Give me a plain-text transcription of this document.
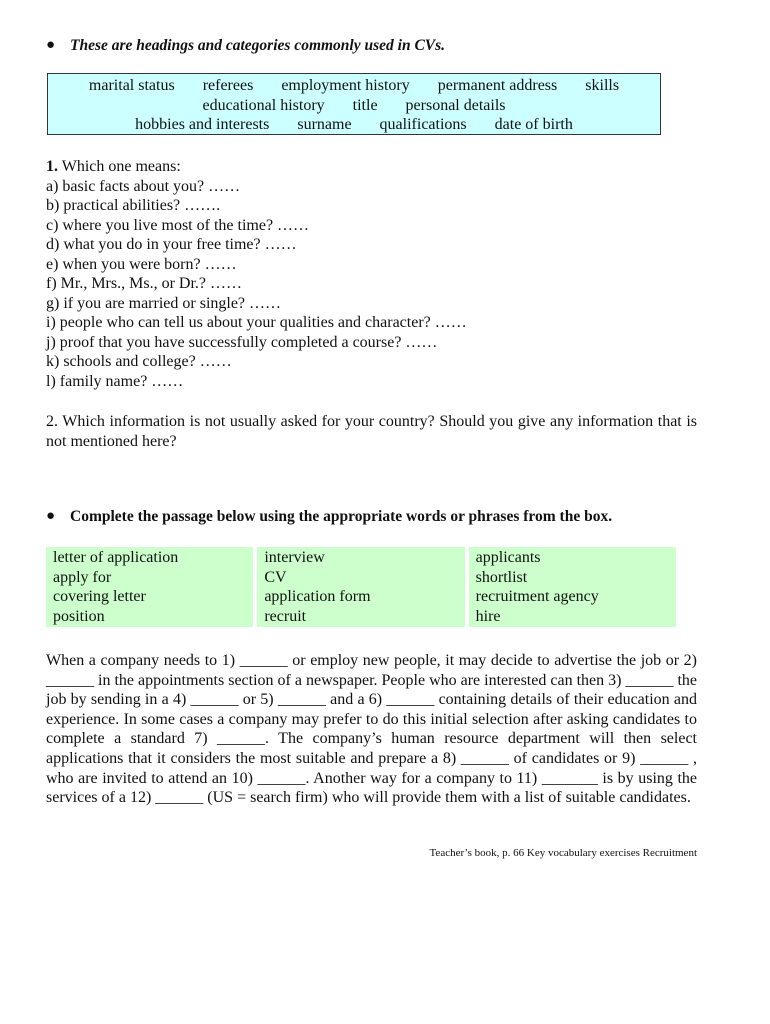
● These are headings and categories commonly used in CVs.
marital status referees employment history permanent address skills
educational history title personal details
hobbies and interests surname qualifications date of birth
1. Which one means:
a) basic facts about you? ……
b) practical abilities? …….
c) where you live most of the time? ……
d) what you do in your free time? ……
e) when you were born? ……
f) Mr., Mrs., Ms., or Dr.? ……
g) if you are married or single? ……
i) people who can tell us about your qualities and character? ……
j) proof that you have successfully completed a course? ……
k) schools and college? ……
l) family name? ……
2. Which information is not usually asked for your country? Should you give any information that is not mentioned here?
● Complete the passage below using the appropriate words or phrases from the box.
letter of application
apply for
covering letter
position
interview
CV
application form
recruit
applicants
shortlist
recruitment agency
hire
When a company needs to 1) ______ or employ new people, it may decide to advertise the job or 2) ______ in the appointments section of a newspaper. People who are interested can then 3) ______ the job by sending in a 4) ______ or 5) ______ and a 6) ______ containing details of their education and experience. In some cases a company may prefer to do this initial selection after asking candidates to complete a standard 7) ______. The company’s human resource department will then select applications that it considers the most suitable and prepare a 8) ______ of candidates or 9) ______ , who are invited to attend an 10) ______. Another way for a company to 11) _______ is by using the services of a 12) ______ (US = search firm) who will provide them with a list of suitable candidates.
Teacher’s book, p. 66 Key vocabulary exercises Recruitment
